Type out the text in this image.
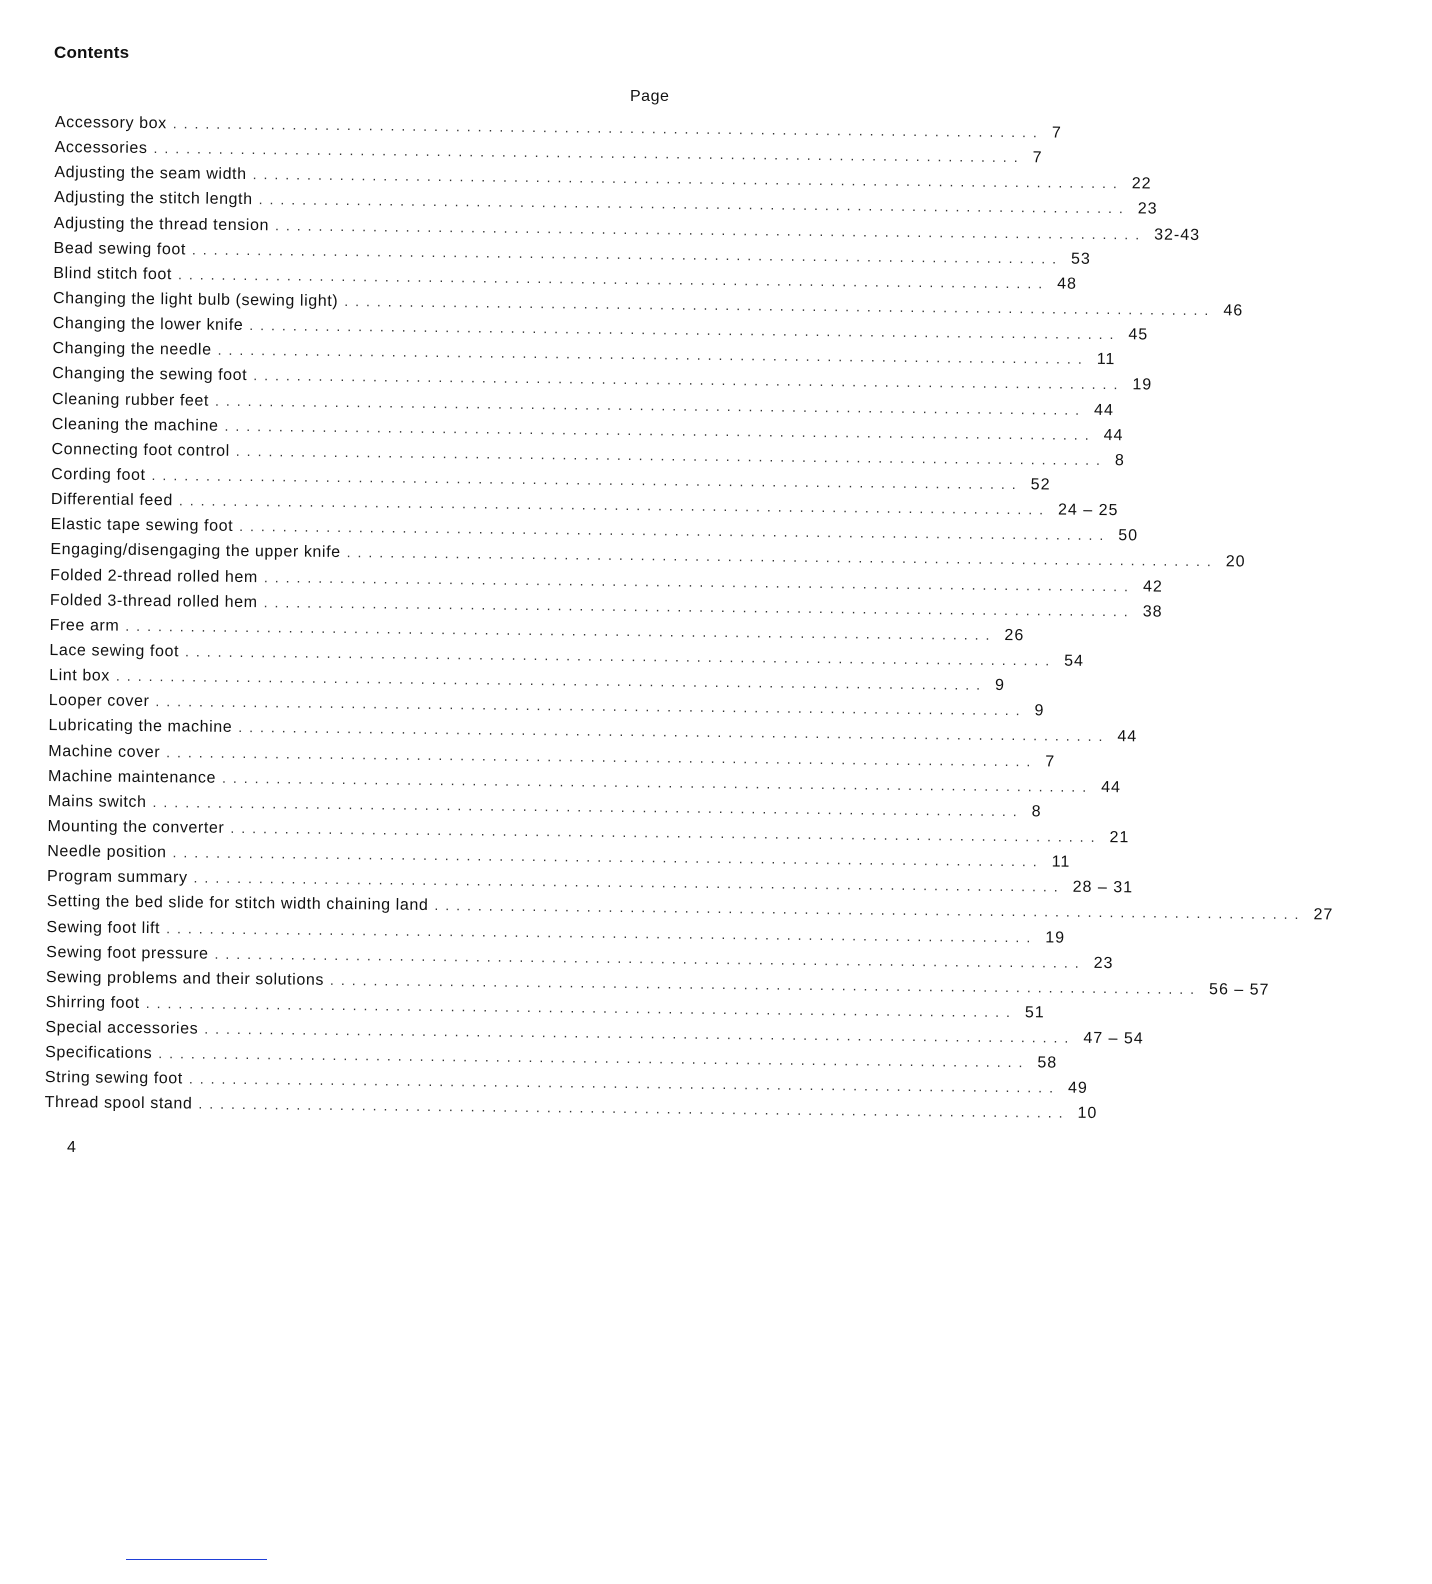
Contents
Page
Accessory box ................................................................................ 7
Accessories ................................................................................ 7
Adjusting the seam width ................................................................................ 22
Adjusting the stitch length ................................................................................ 23
Adjusting the thread tension ................................................................................ 32-43
Bead sewing foot ................................................................................ 53
Blind stitch foot ................................................................................ 48
Changing the light bulb (sewing light) ................................................................................ 46
Changing the lower knife ................................................................................ 45
Changing the needle ................................................................................ 11
Changing the sewing foot ................................................................................ 19
Cleaning rubber feet ................................................................................ 44
Cleaning the machine ................................................................................ 44
Connecting foot control ................................................................................ 8
Cording foot ................................................................................ 52
Differential feed ................................................................................ 24 – 25
Elastic tape sewing foot ................................................................................ 50
Engaging/disengaging the upper knife ................................................................................ 20
Folded 2-thread rolled hem ................................................................................ 42
Folded 3-thread rolled hem ................................................................................ 38
Free arm ................................................................................ 26
Lace sewing foot ................................................................................ 54
Lint box ................................................................................ 9
Looper cover ................................................................................ 9
Lubricating the machine ................................................................................ 44
Machine cover ................................................................................ 7
Machine maintenance ................................................................................ 44
Mains switch ................................................................................ 8
Mounting the converter ................................................................................ 21
Needle position ................................................................................ 11
Program summary ................................................................................ 28 – 31
Setting the bed slide for stitch width chaining land ................................................................................ 27
Sewing foot lift ................................................................................ 19
Sewing foot pressure ................................................................................ 23
Sewing problems and their solutions ................................................................................ 56 – 57
Shirring foot ................................................................................ 51
Special accessories ................................................................................ 47 – 54
Specifications ................................................................................ 58
String sewing foot ................................................................................ 49
Thread spool stand ................................................................................ 10
4
